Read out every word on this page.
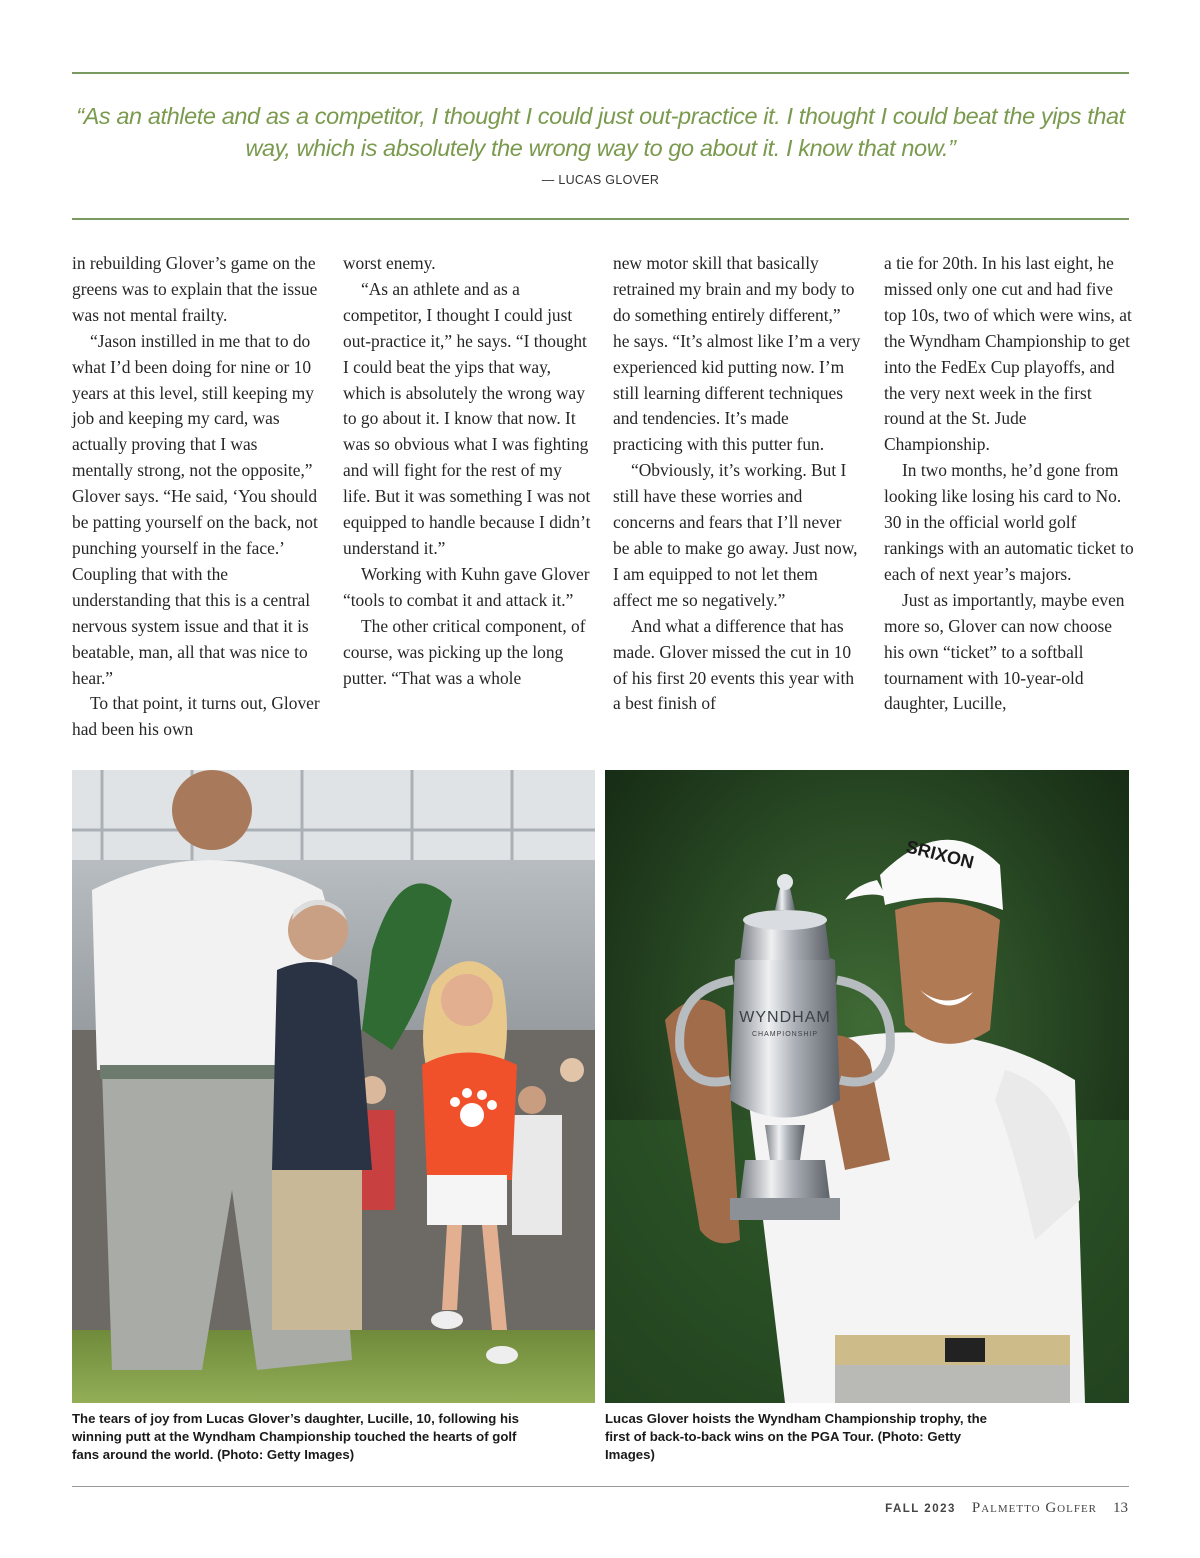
“As an athlete and as a competitor, I thought I could just out-practice it. I thought I could beat the yips that way, which is absolutely the wrong way to go about it. I know that now.”
— LUCAS GLOVER

in rebuilding Glover’s game on the greens was to explain that the issue was not mental frailty.

“Jason instilled in me that to do what I’d been doing for nine or 10 years at this level, still keeping my job and keeping my card, was actually proving that I was mentally strong, not the opposite,” Glover says. “He said, ‘You should be patting yourself on the back, not punching yourself in the face.’ Coupling that with the understanding that this is a central nervous system issue and that it is beatable, man, all that was nice to hear.”

To that point, it turns out, Glover had been his own

worst enemy.

“As an athlete and as a competitor, I thought I could just out-practice it,” he says. “I thought I could beat the yips that way, which is absolutely the wrong way to go about it. I know that now. It was so obvious what I was fighting and will fight for the rest of my life. But it was something I was not equipped to handle because I didn’t understand it.”

Working with Kuhn gave Glover “tools to combat it and attack it.”

The other critical component, of course, was picking up the long putter. “That was a whole

new motor skill that basically retrained my brain and my body to do something entirely different,” he says. “It’s almost like I’m a very experienced kid putting now. I’m still learning different techniques and tendencies. It’s made practicing with this putter fun.

“Obviously, it’s working. But I still have these worries and concerns and fears that I’ll never be able to make go away. Just now, I am equipped to not let them affect me so negatively.”

And what a difference that has made. Glover missed the cut in 10 of his first 20 events this year with a best finish of

a tie for 20th. In his last eight, he missed only one cut and had five top 10s, two of which were wins, at the Wyndham Championship to get into the FedEx Cup playoffs, and the very next week in the first round at the St. Jude Championship.

In two months, he’d gone from looking like losing his card to No. 30 in the official world golf rankings with an automatic ticket to each of next year’s majors.

Just as importantly, maybe even more so, Glover can now choose his own “ticket” to a softball tournament with 10-year-old daughter, Lucille,

SRIXON
WYNDHAM
CHAMPIONSHIP
The tears of joy from Lucas Glover’s daughter, Lucille, 10, following his winning putt at the Wyndham Championship touched the hearts of golf fans around the world. (Photo: Getty Images)
Lucas Glover hoists the Wyndham Championship trophy, the first of back-to-back wins on the PGA Tour. (Photo: Getty Images)
FALL 2023 Palmetto Golfer 13
